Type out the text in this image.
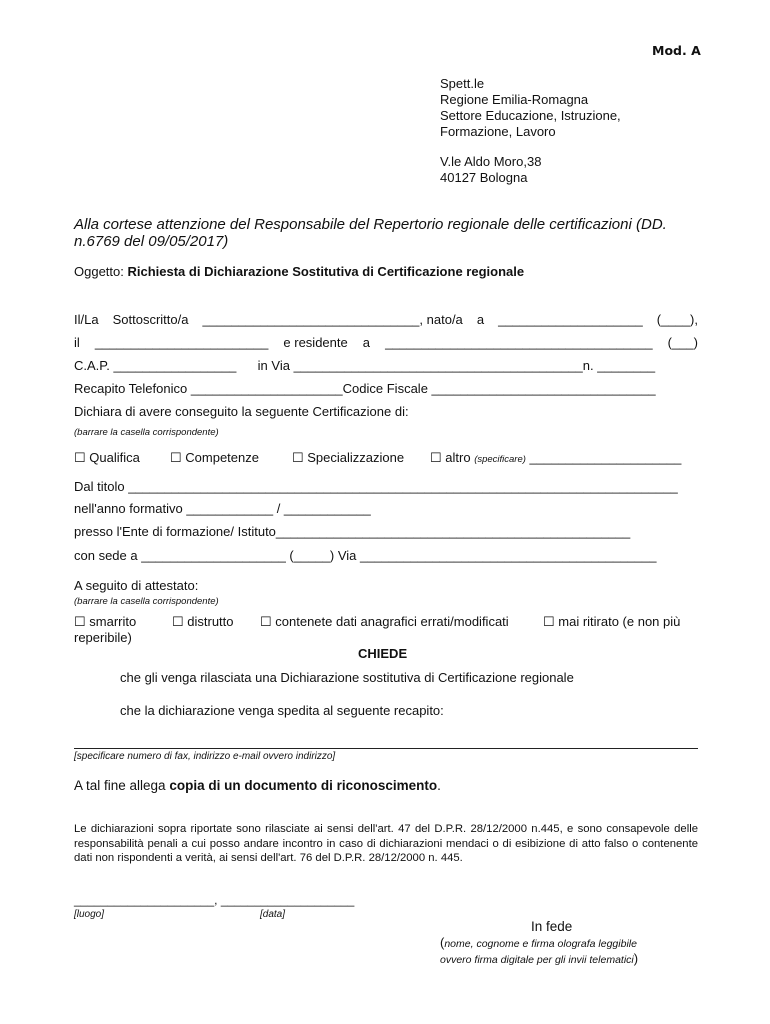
Mod. A
Spett.le
Regione Emilia-Romagna
Settore Educazione, Istruzione,
Formazione, Lavoro
V.le Aldo Moro,38
40127 Bologna
Alla cortese attenzione del Responsabile del Repertorio regionale delle certificazioni (DD.
n.6769 del 09/05/2017)
Oggetto: Richiesta di Dichiarazione Sostitutiva di Certificazione regionale
Il/La Sottoscritto/a ______________________________, nato/a a ____________________ (____),
il ________________________ e residente a _____________________________________ (___)
C.A.P. _________________ in Via ________________________________________n. ________
Recapito Telefonico _____________________Codice Fiscale _______________________________
Dichiara di avere conseguito la seguente Certificazione di:
(barrare la casella corrispondente)
☐ Qualifica ☐ Competenze	☐ Specializzazione ☐ altro (specificare) _____________________
Dal titolo ____________________________________________________________________________
nell'anno formativo ____________ / ____________
presso l'Ente di formazione/ Istituto_________________________________________________
con sede a ____________________ (_____) Via _________________________________________
A seguito di attestato:
(barrare la casella corrispondente)
☐ smarrito	☐ distrutto ☐ contenete dati anagrafici errati/modificati	☐ mai ritirato (e non più
reperibile)
CHIEDE
che gli venga rilasciata una Dichiarazione sostitutiva di Certificazione regionale
che la dichiarazione venga spedita al seguente recapito:
[specificare numero di fax, indirizzo e-mail ovvero indirizzo]
A tal fine allega copia di un documento di riconoscimento.
Le dichiarazioni sopra riportate sono rilasciate ai sensi dell'art. 47 del D.P.R. 28/12/2000 n.445, e sono consapevole delle responsabilità penali a cui posso andare incontro in caso di dichiarazioni mendaci o di esibizione di atto falso o contenente dati non rispondenti a verità, ai sensi dell'art. 76 del D.P.R. 28/12/2000 n. 445.
_____________________, ____________________
[luogo]	[data]
In fede
(nome, cognome e firma olografa leggibile
ovvero firma digitale per gli invii telematici)
